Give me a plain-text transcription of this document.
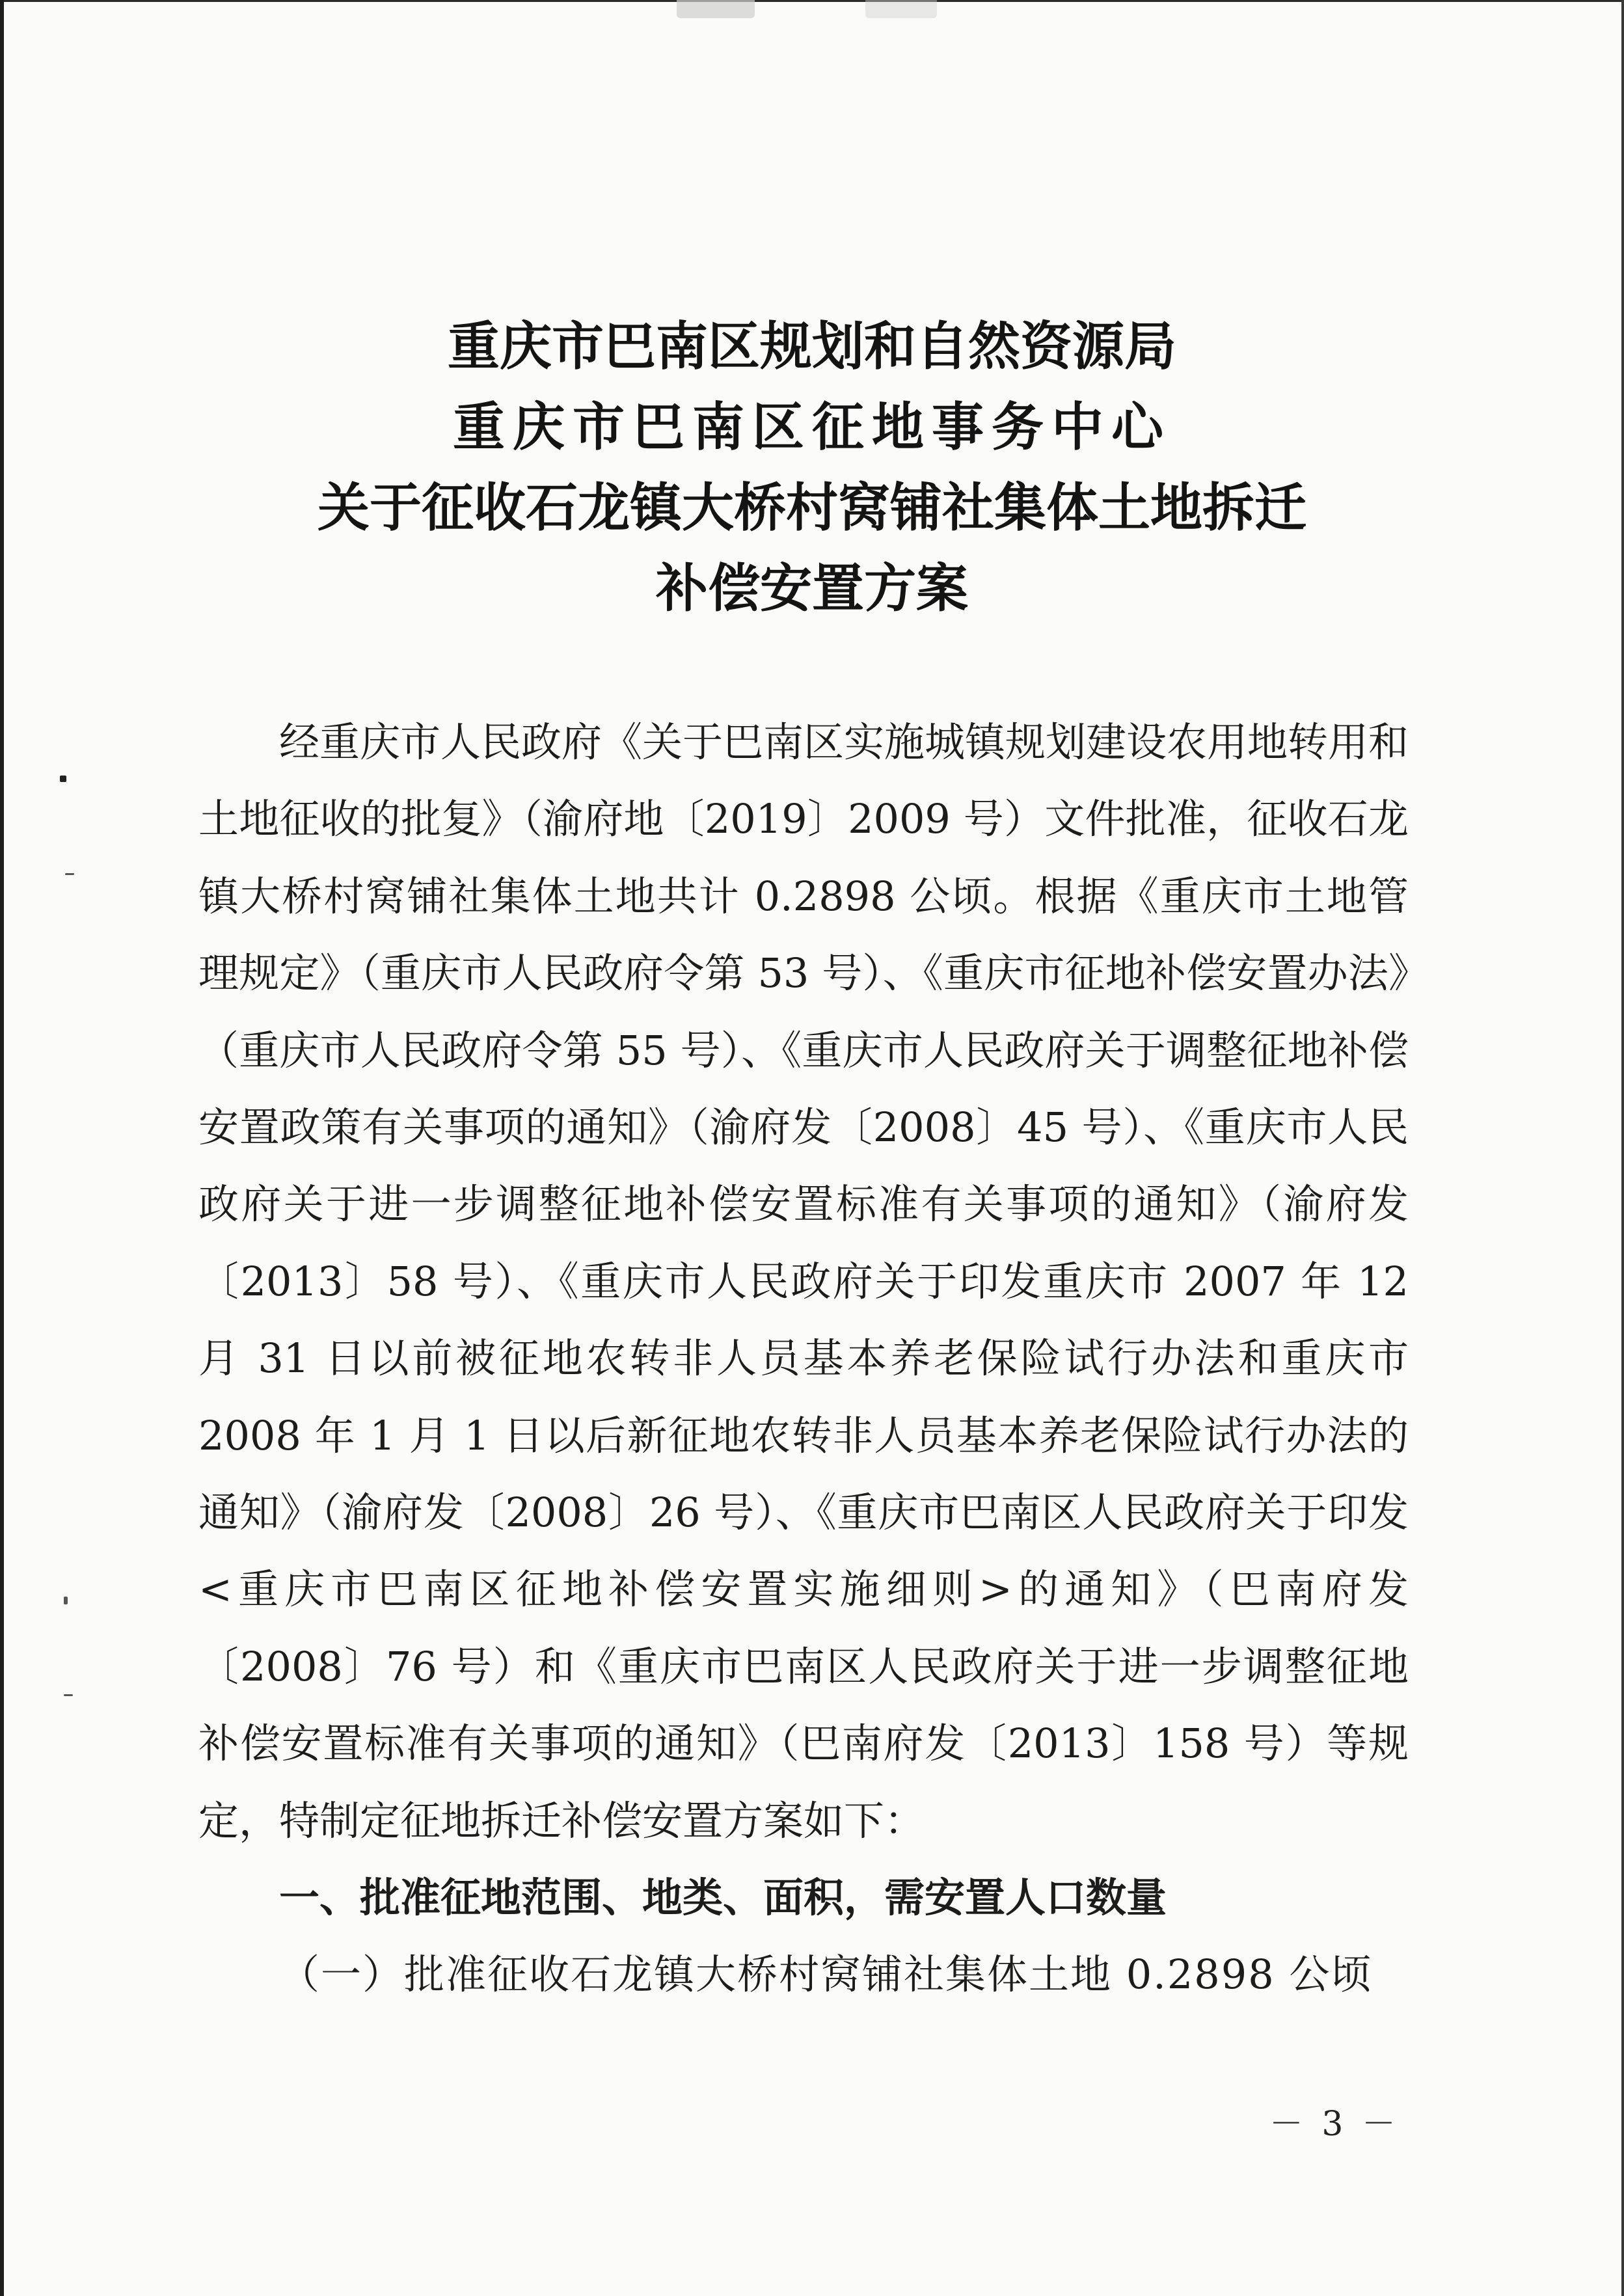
重庆市巴南区规划和自然资源局
重庆市巴南区征地事务中心
关于征收石龙镇大桥村窝铺社集体土地拆迁
补偿安置方案

经重庆市人民政府《关于巴南区实施城镇规划建设农用地转用和土地征收的批复》（渝府地〔2019〕2009 号）文件批准，征收石龙镇大桥村窝铺社集体土地共计 0.2898 公顷。根据《重庆市土地管理规定》（重庆市人民政府令第 53 号）、《重庆市征地补偿安置办法》（重庆市人民政府令第 55 号）、《重庆市人民政府关于调整征地补偿安置政策有关事项的通知》（渝府发〔2008〕45 号）、《重庆市人民政府关于进一步调整征地补偿安置标准有关事项的通知》（渝府发〔2013〕58 号）、《重庆市人民政府关于印发重庆市 2007 年 12 月 31 日以前被征地农转非人员基本养老保险试行办法和重庆市 2008 年 1 月 1 日以后新征地农转非人员基本养老保险试行办法的通知》（渝府发〔2008〕26 号）、《重庆市巴南区人民政府关于印发<重庆市巴南区征地补偿安置实施细则>的通知》（巴南府发〔2008〕76 号）和《重庆市巴南区人民政府关于进一步调整征地补偿安置标准有关事项的通知》（巴南府发〔2013〕158 号）等规定，特制定征地拆迁补偿安置方案如下：

一、批准征地范围、地类、面积，需安置人口数量

（一）批准征收石龙镇大桥村窝铺社集体土地 0.2898 公顷

－ 3 －
